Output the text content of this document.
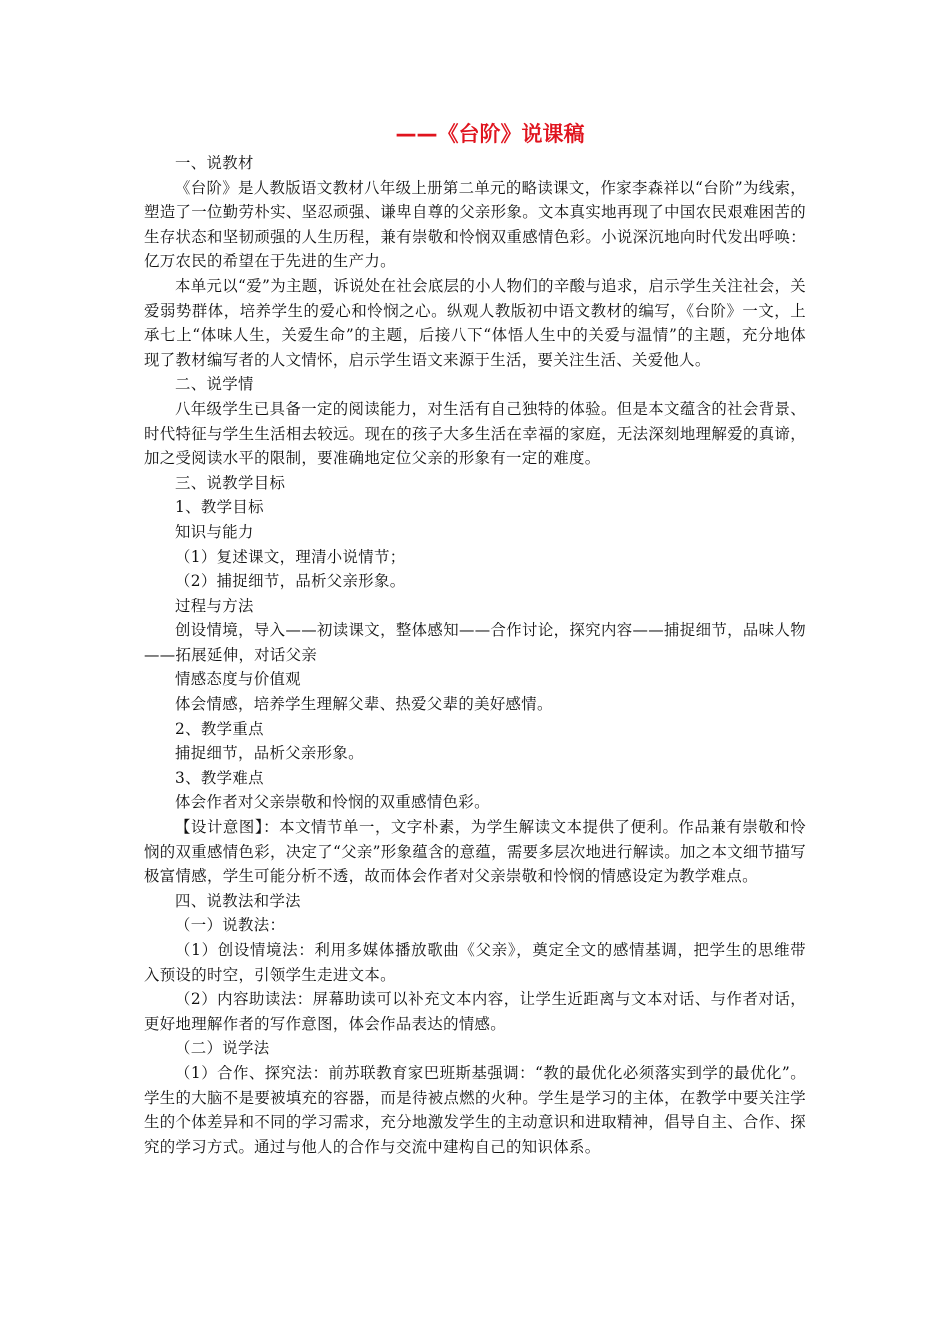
——《台阶》说课稿

一、说教材

《台阶》是人教版语文教材八年级上册第二单元的略读课文，作家李森祥以“台阶”为线索，塑造了一位勤劳朴实、坚忍顽强、谦卑自尊的父亲形象。文本真实地再现了中国农民艰难困苦的生存状态和坚韧顽强的人生历程，兼有崇敬和怜悯双重感情色彩。小说深沉地向时代发出呼唤：亿万农民的希望在于先进的生产力。

本单元以“爱”为主题，诉说处在社会底层的小人物们的辛酸与追求，启示学生关注社会，关爱弱势群体，培养学生的爱心和怜悯之心。纵观人教版初中语文教材的编写，《台阶》一文，上承七上“体味人生，关爱生命”的主题，后接八下“体悟人生中的关爱与温情”的主题，充分地体现了教材编写者的人文情怀，启示学生语文来源于生活，要关注生活、关爱他人。

二、说学情

八年级学生已具备一定的阅读能力，对生活有自己独特的体验。但是本文蕴含的社会背景、时代特征与学生生活相去较远。现在的孩子大多生活在幸福的家庭，无法深刻地理解爱的真谛，加之受阅读水平的限制，要准确地定位父亲的形象有一定的难度。

三、说教学目标

1、教学目标

知识与能力

（1）复述课文，理清小说情节；

（2）捕捉细节，品析父亲形象。

过程与方法

创设情境，导入——初读课文，整体感知——合作讨论，探究内容——捕捉细节，品味人物——拓展延伸，对话父亲

情感态度与价值观

体会情感，培养学生理解父辈、热爱父辈的美好感情。

2、教学重点

捕捉细节，品析父亲形象。

3、教学难点

体会作者对父亲崇敬和怜悯的双重感情色彩。

【设计意图】：本文情节单一，文字朴素，为学生解读文本提供了便利。作品兼有崇敬和怜悯的双重感情色彩，决定了“父亲”形象蕴含的意蕴，需要多层次地进行解读。加之本文细节描写极富情感，学生可能分析不透，故而体会作者对父亲崇敬和怜悯的情感设定为教学难点。

四、说教法和学法

（一）说教法：

（1）创设情境法：利用多媒体播放歌曲《父亲》，奠定全文的感情基调，把学生的思维带入预设的时空，引领学生走进文本。

（2）内容助读法：屏幕助读可以补充文本内容，让学生近距离与文本对话、与作者对话，更好地理解作者的写作意图，体会作品表达的情感。

（二）说学法

（1）合作、探究法：前苏联教育家巴班斯基强调：“教的最优化必须落实到学的最优化”。学生的大脑不是要被填充的容器，而是待被点燃的火种。学生是学习的主体，在教学中要关注学生的个体差异和不同的学习需求，充分地激发学生的主动意识和进取精神，倡导自主、合作、探究的学习方式。通过与他人的合作与交流中建构自己的知识体系。
